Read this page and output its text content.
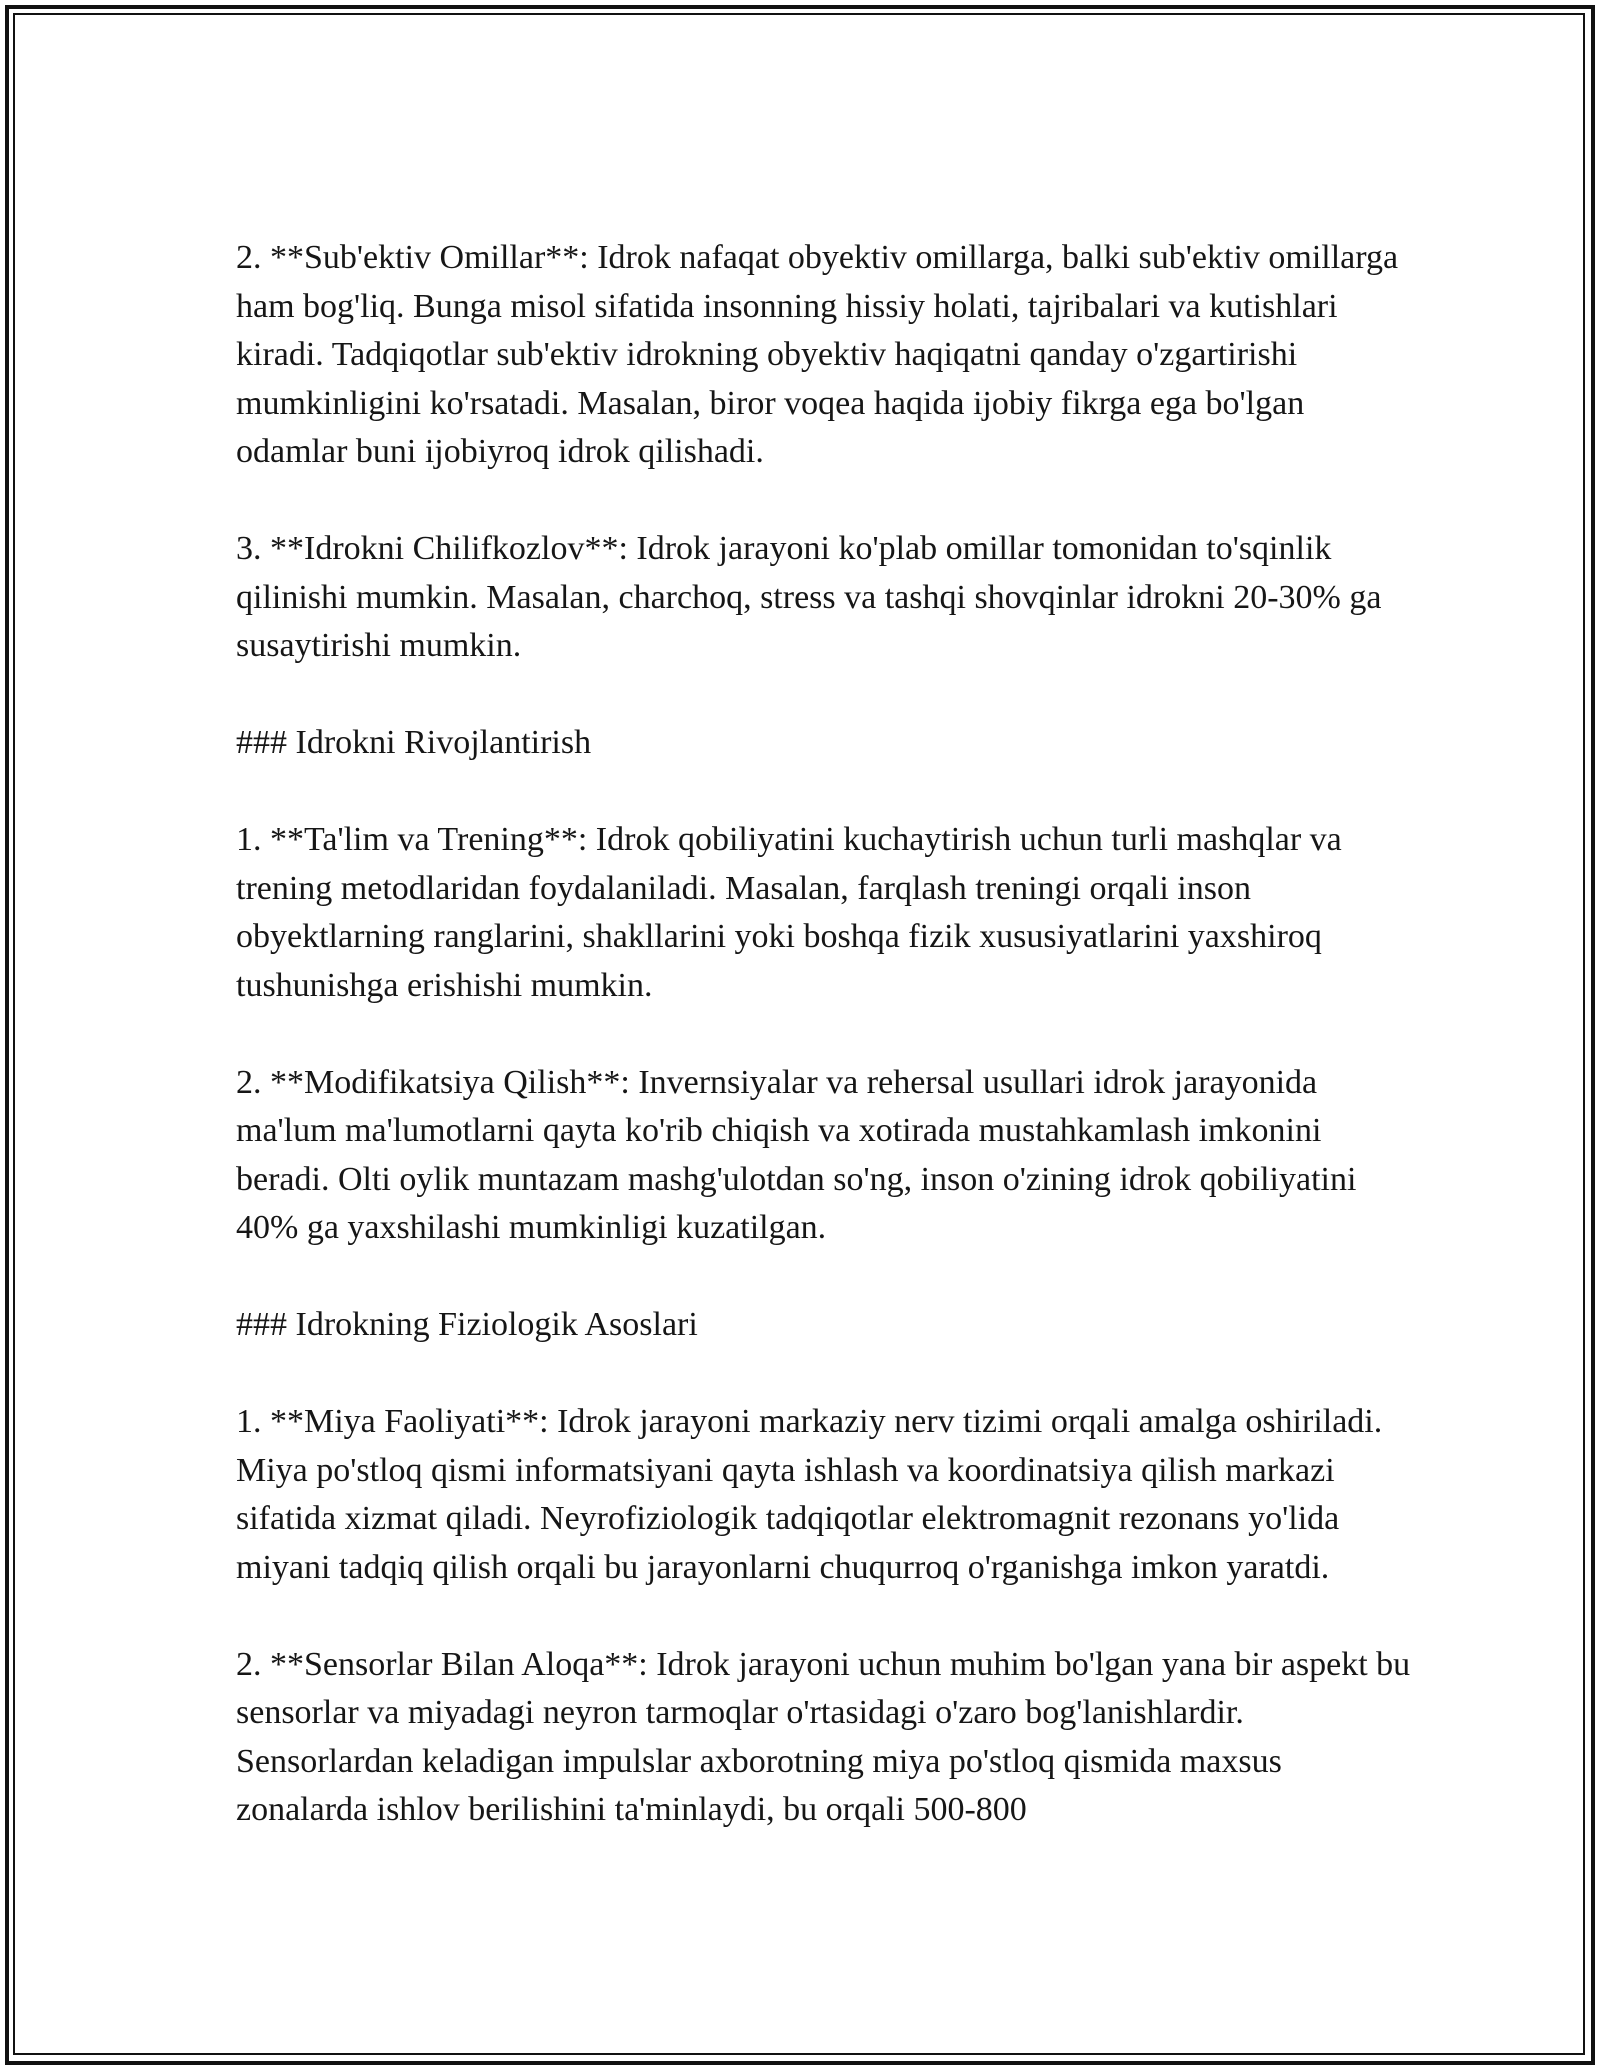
2. **Sub'ektiv Omillar**: Idrok nafaqat obyektiv omillarga, balki sub'ektiv omillarga ham bog'liq. Bunga misol sifatida insonning hissiy holati, tajribalari va kutishlari kiradi. Tadqiqotlar sub'ektiv idrokning obyektiv haqiqatni qanday o'zgartirishi mumkinligini ko'rsatadi. Masalan, biror voqea haqida ijobiy fikrga ega bo'lgan odamlar buni ijobiyroq idrok qilishadi.

3. **Idrokni Chilifkozlov**: Idrok jarayoni ko'plab omillar tomonidan to'sqinlik qilinishi mumkin. Masalan, charchoq, stress va tashqi shovqinlar idrokni 20-30% ga susaytirishi mumkin.

### Idrokni Rivojlantirish

1. **Ta'lim va Trening**: Idrok qobiliyatini kuchaytirish uchun turli mashqlar va trening metodlaridan foydalaniladi. Masalan, farqlash treningi orqali inson obyektlarning ranglarini, shakllarini yoki boshqa fizik xususiyatlarini yaxshiroq tushunishga erishishi mumkin.

2. **Modifikatsiya Qilish**: Invernsiyalar va rehersal usullari idrok jarayonida ma'lum ma'lumotlarni qayta ko'rib chiqish va xotirada mustahkamlash imkonini beradi. Olti oylik muntazam mashg'ulotdan so'ng, inson o'zining idrok qobiliyatini 40% ga yaxshilashi mumkinligi kuzatilgan.

### Idrokning Fiziologik Asoslari

1. **Miya Faoliyati**: Idrok jarayoni markaziy nerv tizimi orqali amalga oshiriladi. Miya po'stloq qismi informatsiyani qayta ishlash va koordinatsiya qilish markazi sifatida xizmat qiladi. Neyrofiziologik tadqiqotlar elektromagnit rezonans yo'lida miyani tadqiq qilish orqali bu jarayonlarni chuqurroq o'rganishga imkon yaratdi.

2. **Sensorlar Bilan Aloqa**: Idrok jarayoni uchun muhim bo'lgan yana bir aspekt bu sensorlar va miyadagi neyron tarmoqlar o'rtasidagi o'zaro bog'lanishlardir. Sensorlardan keladigan impulslar axborotning miya po'stloq qismida maxsus zonalarda ishlov berilishini ta'minlaydi, bu orqali 500-800
